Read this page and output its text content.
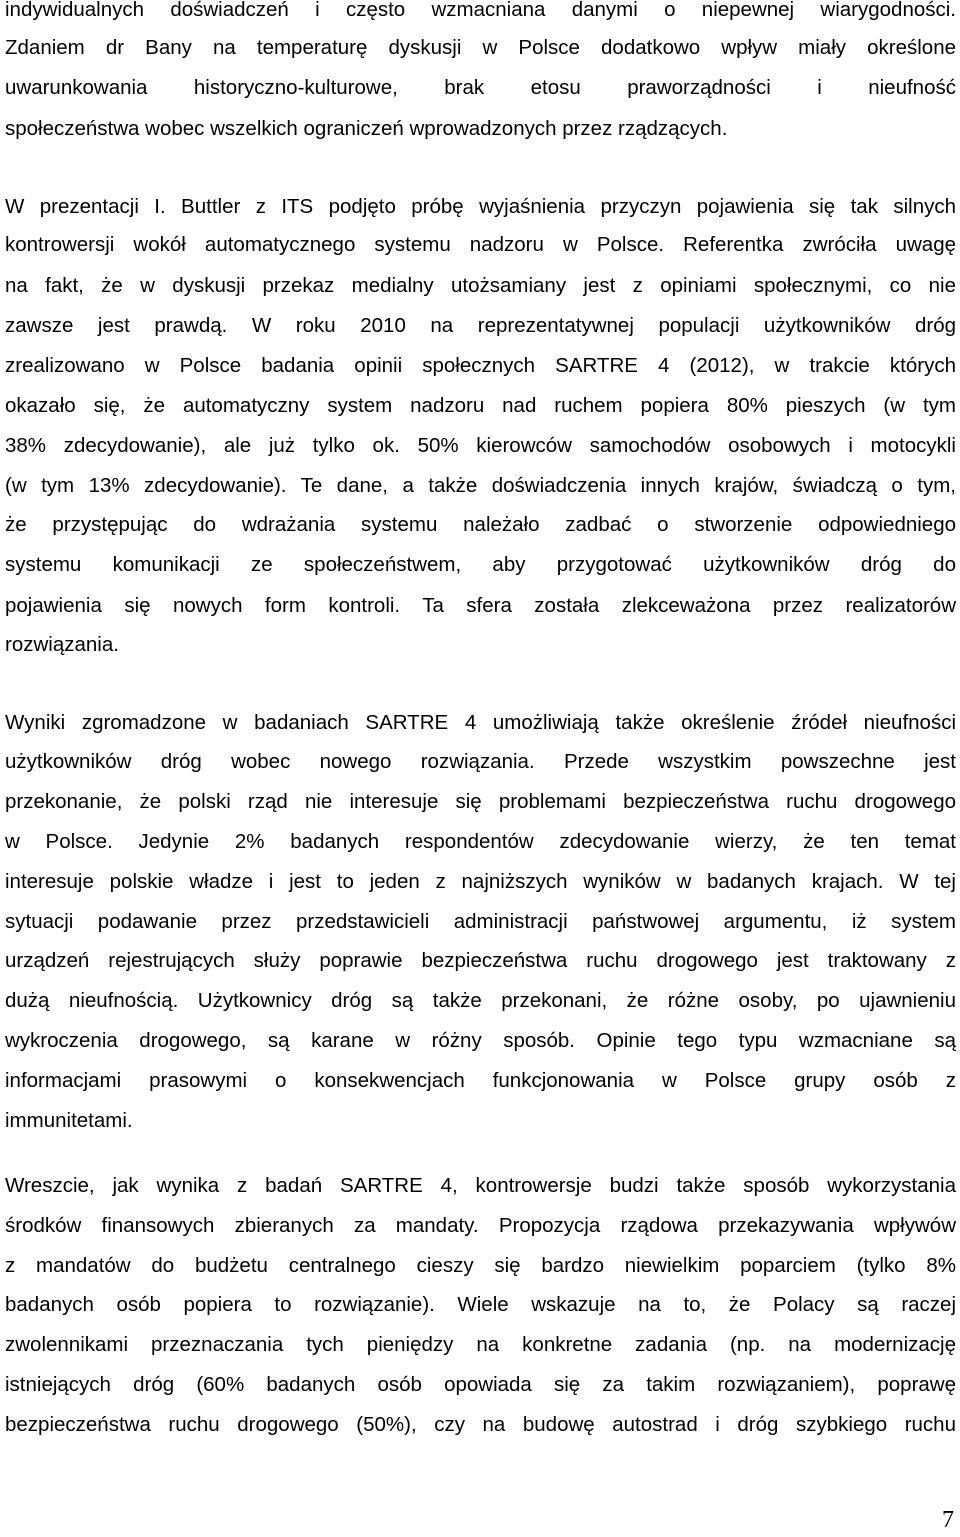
indywidualnych doświadczeń i często wzmacniana danymi o niepewnej wiarygodności.
Zdaniem dr Bany na temperaturę dyskusji w Polsce dodatkowo wpływ miały określone
uwarunkowania historyczno-kulturowe, brak etosu praworządności i nieufność
społeczeństwa wobec wszelkich ograniczeń wprowadzonych przez rządzących.
W prezentacji I. Buttler z ITS podjęto próbę wyjaśnienia przyczyn pojawienia się tak silnych
kontrowersji wokół automatycznego systemu nadzoru w Polsce. Referentka zwróciła uwagę
na fakt, że w dyskusji przekaz medialny utożsamiany jest z opiniami społecznymi, co nie
zawsze jest prawdą. W roku 2010 na reprezentatywnej populacji użytkowników dróg
zrealizowano w Polsce badania opinii społecznych SARTRE 4 (2012), w trakcie których
okazało się, że automatyczny system nadzoru nad ruchem popiera 80% pieszych (w tym
38% zdecydowanie), ale już tylko ok. 50% kierowców samochodów osobowych i motocykli
(w tym 13% zdecydowanie). Te dane, a także doświadczenia innych krajów, świadczą o tym,
że przystępując do wdrażania systemu należało zadbać o stworzenie odpowiedniego
systemu komunikacji ze społeczeństwem, aby przygotować użytkowników dróg do
pojawienia się nowych form kontroli. Ta sfera została zlekceważona przez realizatorów
rozwiązania.
Wyniki zgromadzone w badaniach SARTRE 4 umożliwiają także określenie źródeł nieufności
użytkowników dróg wobec nowego rozwiązania. Przede wszystkim powszechne jest
przekonanie, że polski rząd nie interesuje się problemami bezpieczeństwa ruchu drogowego
w Polsce. Jedynie 2% badanych respondentów zdecydowanie wierzy, że ten temat
interesuje polskie władze i jest to jeden z najniższych wyników w badanych krajach. W tej
sytuacji podawanie przez przedstawicieli administracji państwowej argumentu, iż system
urządzeń rejestrujących służy poprawie bezpieczeństwa ruchu drogowego jest traktowany z
dużą nieufnością. Użytkownicy dróg są także przekonani, że różne osoby, po ujawnieniu
wykroczenia drogowego, są karane w różny sposób. Opinie tego typu wzmacniane są
informacjami prasowymi o konsekwencjach funkcjonowania w Polsce grupy osób z
immunitetami.
Wreszcie, jak wynika z badań SARTRE 4, kontrowersje budzi także sposób wykorzystania
środków finansowych zbieranych za mandaty. Propozycja rządowa przekazywania wpływów
z mandatów do budżetu centralnego cieszy się bardzo niewielkim poparciem (tylko 8%
badanych osób popiera to rozwiązanie). Wiele wskazuje na to, że Polacy są raczej
zwolennikami przeznaczania tych pieniędzy na konkretne zadania (np. na modernizację
istniejących dróg (60% badanych osób opowiada się za takim rozwiązaniem), poprawę
bezpieczeństwa ruchu drogowego (50%), czy na budowę autostrad i dróg szybkiego ruchu
7
